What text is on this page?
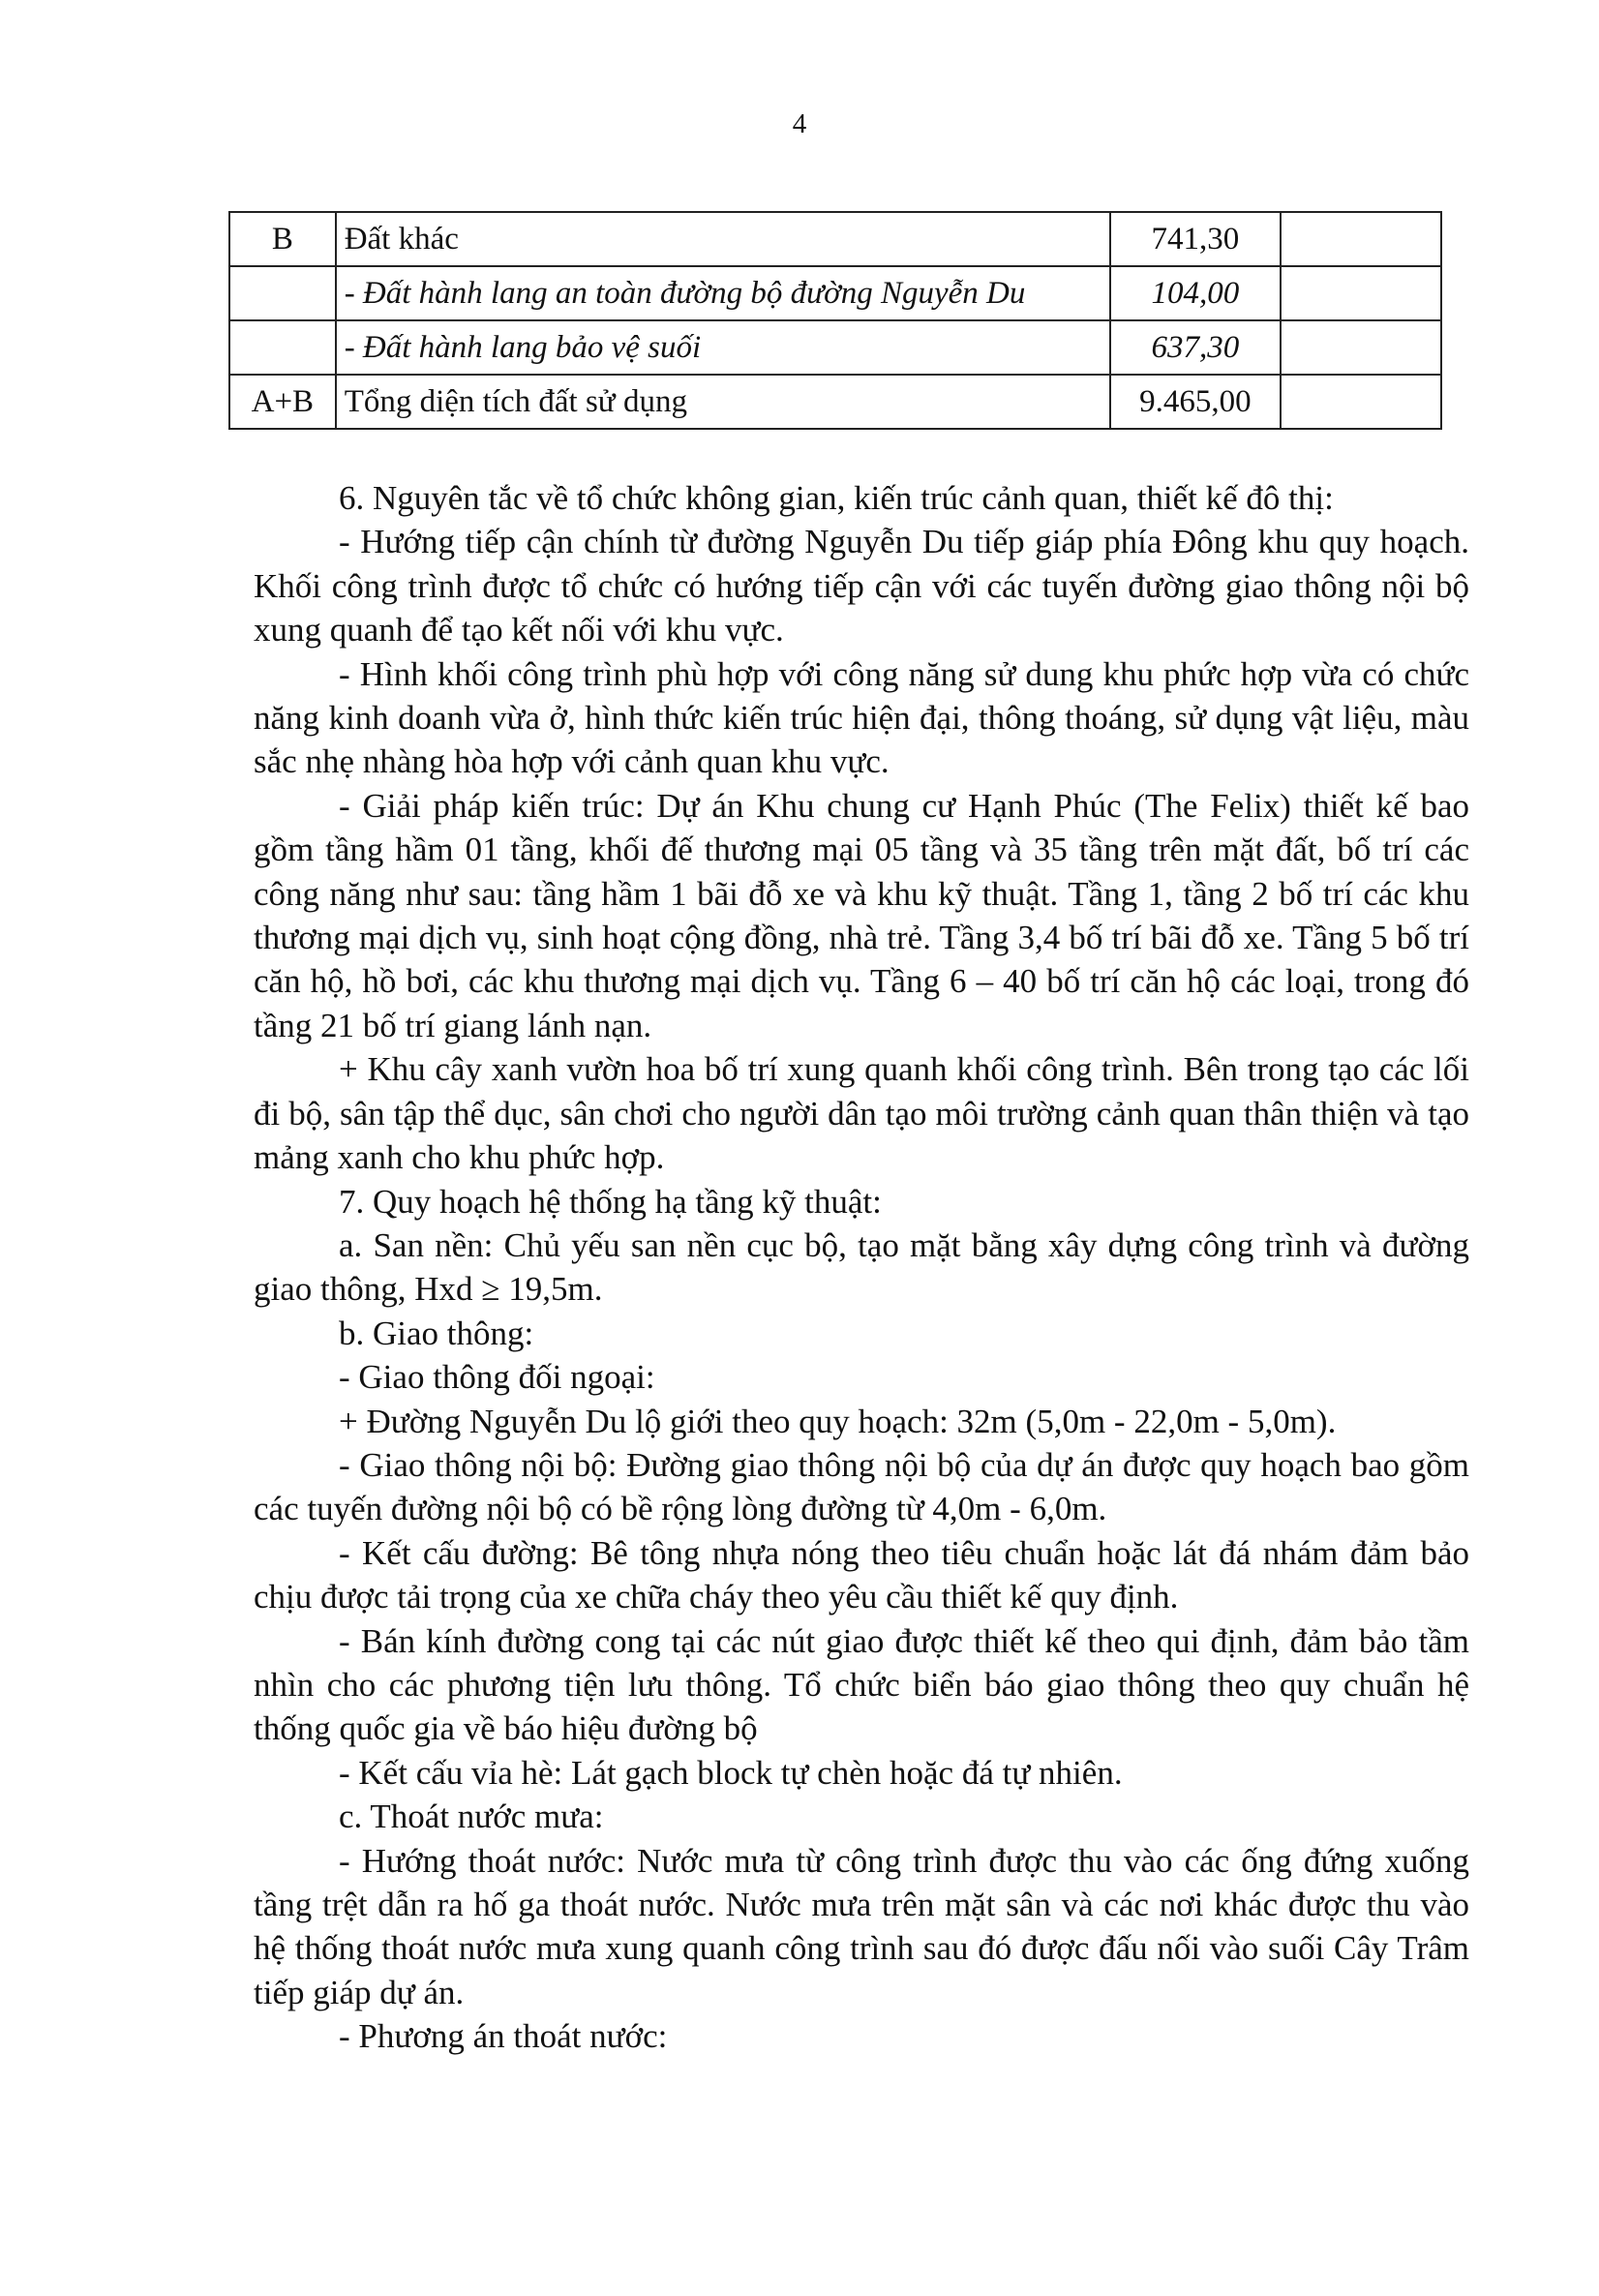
4
B	Đất khác	741,30	
	- Đất hành lang an toàn đường bộ đường Nguyễn Du	104,00	
	- Đất hành lang bảo vệ suối	637,30	
A+B	Tổng diện tích đất sử dụng	9.465,00	

6. Nguyên tắc về tổ chức không gian, kiến trúc cảnh quan, thiết kế đô thị:

- Hướng tiếp cận chính từ đường Nguyễn Du tiếp giáp phía Đông khu quy hoạch. Khối công trình được tổ chức có hướng tiếp cận với các tuyến đường giao thông nội bộ xung quanh để tạo kết nối với khu vực.

- Hình khối công trình phù hợp với công năng sử dung khu phức hợp vừa có chức năng kinh doanh vừa ở, hình thức kiến trúc hiện đại, thông thoáng, sử dụng vật liệu, màu sắc nhẹ nhàng hòa hợp với cảnh quan khu vực.

- Giải pháp kiến trúc: Dự án Khu chung cư Hạnh Phúc (The Felix) thiết kế bao gồm tầng hầm 01 tầng, khối đế thương mại 05 tầng và 35 tầng trên mặt đất, bố trí các công năng như sau: tầng hầm 1 bãi đỗ xe và khu kỹ thuật. Tầng 1, tầng 2 bố trí các khu thương mại dịch vụ, sinh hoạt cộng đồng, nhà trẻ. Tầng 3,4 bố trí bãi đỗ xe. Tầng 5 bố trí căn hộ, hồ bơi, các khu thương mại dịch vụ. Tầng 6 – 40 bố trí căn hộ các loại, trong đó tầng 21 bố trí giang lánh nạn.

+ Khu cây xanh vườn hoa bố trí xung quanh khối công trình. Bên trong tạo các lối đi bộ, sân tập thể dục, sân chơi cho người dân tạo môi trường cảnh quan thân thiện và tạo mảng xanh cho khu phức hợp.

7. Quy hoạch hệ thống hạ tầng kỹ thuật:

a. San nền: Chủ yếu san nền cục bộ, tạo mặt bằng xây dựng công trình và đường giao thông, Hxd ≥ 19,5m.

b. Giao thông:

- Giao thông đối ngoại:

+ Đường Nguyễn Du lộ giới theo quy hoạch: 32m (5,0m - 22,0m - 5,0m).

- Giao thông nội bộ: Đường giao thông nội bộ của dự án được quy hoạch bao gồm các tuyến đường nội bộ có bề rộng lòng đường từ 4,0m - 6,0m.

- Kết cấu đường: Bê tông nhựa nóng theo tiêu chuẩn hoặc lát đá nhám đảm bảo chịu được tải trọng của xe chữa cháy theo yêu cầu thiết kế quy định.

- Bán kính đường cong tại các nút giao được thiết kế theo qui định, đảm bảo tầm nhìn cho các phương tiện lưu thông. Tổ chức biển báo giao thông theo quy chuẩn hệ thống quốc gia về báo hiệu đường bộ

- Kết cấu vỉa hè: Lát gạch block tự chèn hoặc đá tự nhiên.

c. Thoát nước mưa:

- Hướng thoát nước: Nước mưa từ công trình được thu vào các ống đứng xuống tầng trệt dẫn ra hố ga thoát nước. Nước mưa trên mặt sân và các nơi khác được thu vào hệ thống thoát nước mưa xung quanh công trình sau đó được đấu nối vào suối Cây Trâm tiếp giáp dự án.

- Phương án thoát nước:
